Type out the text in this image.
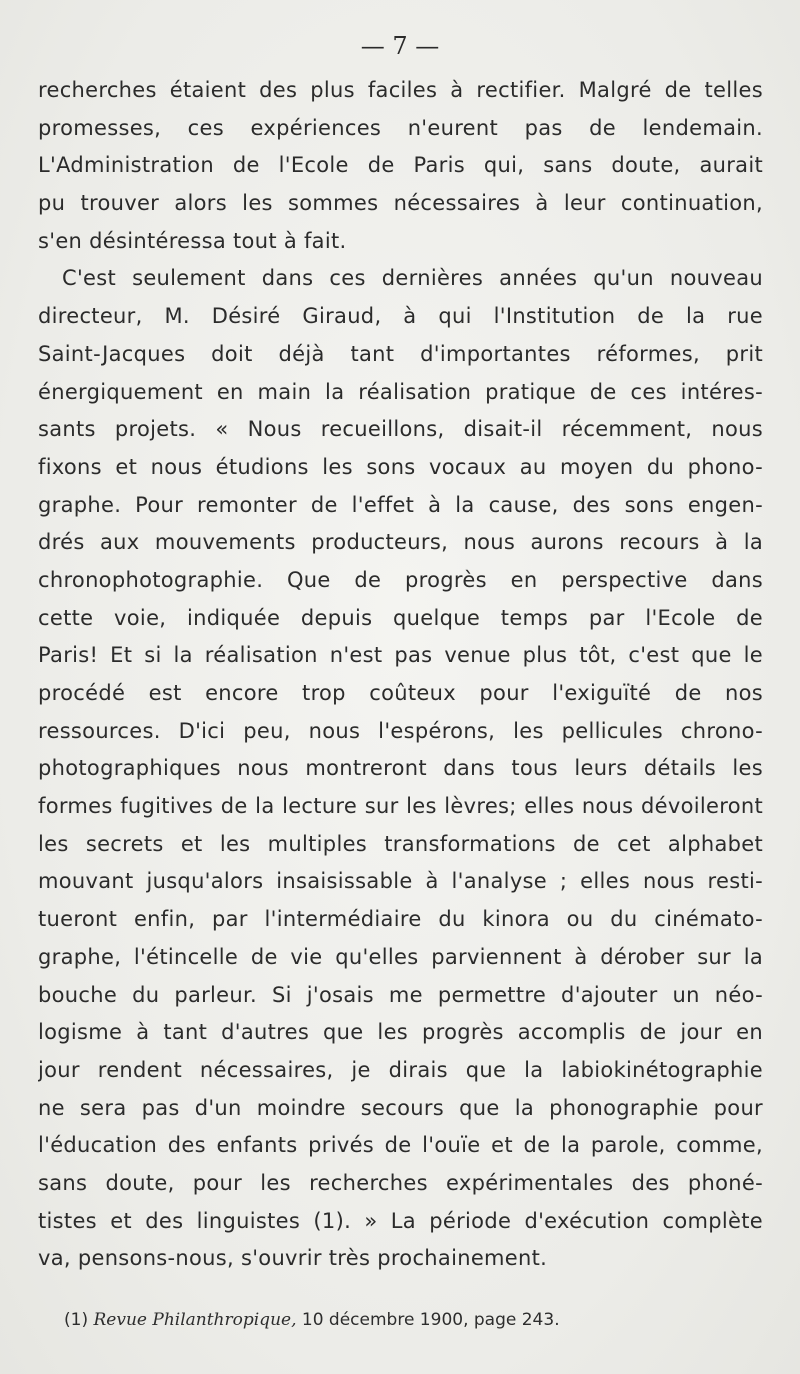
— 7 —
recherches étaient des plus faciles à rectifier. Malgré de telles
promesses, ces expériences n'eurent pas de lendemain.
L'Administration de l'Ecole de Paris qui, sans doute, aurait
pu trouver alors les sommes nécessaires à leur continuation,
s'en désintéressa tout à fait.
C'est seulement dans ces dernières années qu'un nouveau
directeur, M. Désiré Giraud, à qui l'Institution de la rue
Saint-Jacques doit déjà tant d'importantes réformes, prit
énergiquement en main la réalisation pratique de ces intéres-
sants projets. « Nous recueillons, disait-il récemment, nous
fixons et nous étudions les sons vocaux au moyen du phono-
graphe. Pour remonter de l'effet à la cause, des sons engen-
drés aux mouvements producteurs, nous aurons recours à la
chronophotographie. Que de progrès en perspective dans
cette voie, indiquée depuis quelque temps par l'Ecole de
Paris! Et si la réalisation n'est pas venue plus tôt, c'est que le
procédé est encore trop coûteux pour l'exiguïté de nos
ressources. D'ici peu, nous l'espérons, les pellicules chrono-
photographiques nous montreront dans tous leurs détails les
formes fugitives de la lecture sur les lèvres; elles nous dévoileront
les secrets et les multiples transformations de cet alphabet
mouvant jusqu'alors insaisissable à l'analyse ; elles nous resti-
tueront enfin, par l'intermédiaire du kinora ou du cinémato-
graphe, l'étincelle de vie qu'elles parviennent à dérober sur la
bouche du parleur. Si j'osais me permettre d'ajouter un néo-
logisme à tant d'autres que les progrès accomplis de jour en
jour rendent nécessaires, je dirais que la labiokinétographie
ne sera pas d'un moindre secours que la phonographie pour
l'éducation des enfants privés de l'ouïe et de la parole, comme,
sans doute, pour les recherches expérimentales des phoné-
tistes et des linguistes (1). » La période d'exécution complète
va, pensons-nous, s'ouvrir très prochainement.
(1) Revue Philanthropique, 10 décembre 1900, page 243.
